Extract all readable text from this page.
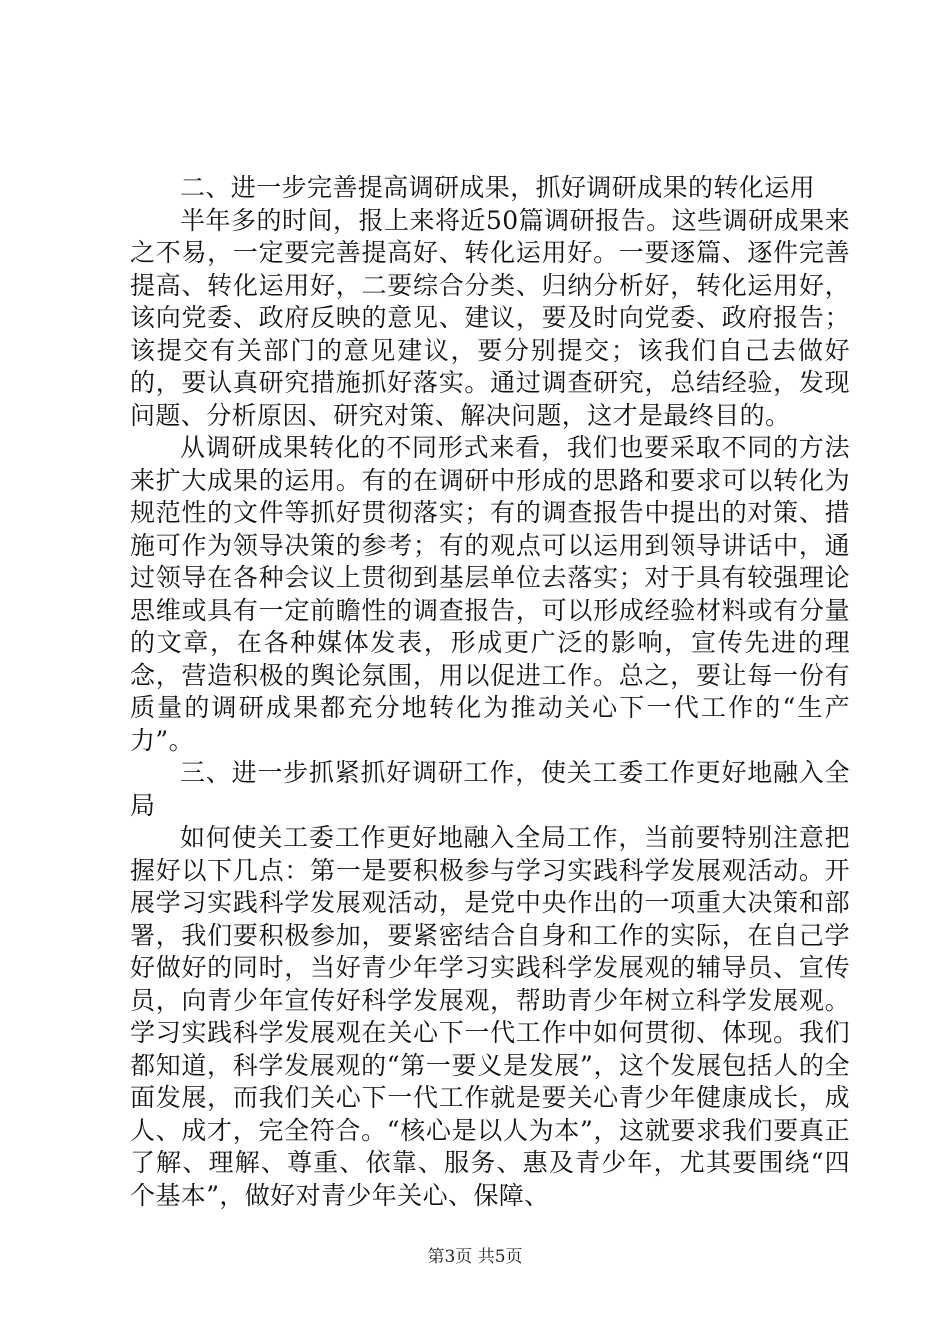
二、进一步完善提高调研成果，抓好调研成果的转化运用

半年多的时间，报上来将近50篇调研报告。这些调研成果来之不易，一定要完善提高好、转化运用好。一要逐篇、逐件完善提高、转化运用好，二要综合分类、归纳分析好，转化运用好，该向党委、政府反映的意见、建议，要及时向党委、政府报告；该提交有关部门的意见建议，要分别提交；该我们自己去做好的，要认真研究措施抓好落实。通过调查研究，总结经验，发现问题、分析原因、研究对策、解决问题，这才是最终目的。

从调研成果转化的不同形式来看，我们也要采取不同的方法来扩大成果的运用。有的在调研中形成的思路和要求可以转化为规范性的文件等抓好贯彻落实；有的调查报告中提出的对策、措施可作为领导决策的参考；有的观点可以运用到领导讲话中，通过领导在各种会议上贯彻到基层单位去落实；对于具有较强理论思维或具有一定前瞻性的调查报告，可以形成经验材料或有分量的文章，在各种媒体发表，形成更广泛的影响，宣传先进的理念，营造积极的舆论氛围，用以促进工作。总之，要让每一份有质量的调研成果都充分地转化为推动关心下一代工作的“生产力”。

三、进一步抓紧抓好调研工作，使关工委工作更好地融入全局

如何使关工委工作更好地融入全局工作，当前要特别注意把握好以下几点：第一是要积极参与学习实践科学发展观活动。开展学习实践科学发展观活动，是党中央作出的一项重大决策和部署，我们要积极参加，要紧密结合自身和工作的实际，在自己学好做好的同时，当好青少年学习实践科学发展观的辅导员、宣传员，向青少年宣传好科学发展观，帮助青少年树立科学发展观。学习实践科学发展观在关心下一代工作中如何贯彻、体现。我们都知道，科学发展观的“第一要义是发展”，这个发展包括人的全面发展，而我们关心下一代工作就是要关心青少年健康成长，成人、成才，完全符合。“核心是以人为本”，这就要求我们要真正了解、理解、尊重、依靠、服务、惠及青少年，尤其要围绕“四个基本”，做好对青少年关心、保障、

第3页 共5页
